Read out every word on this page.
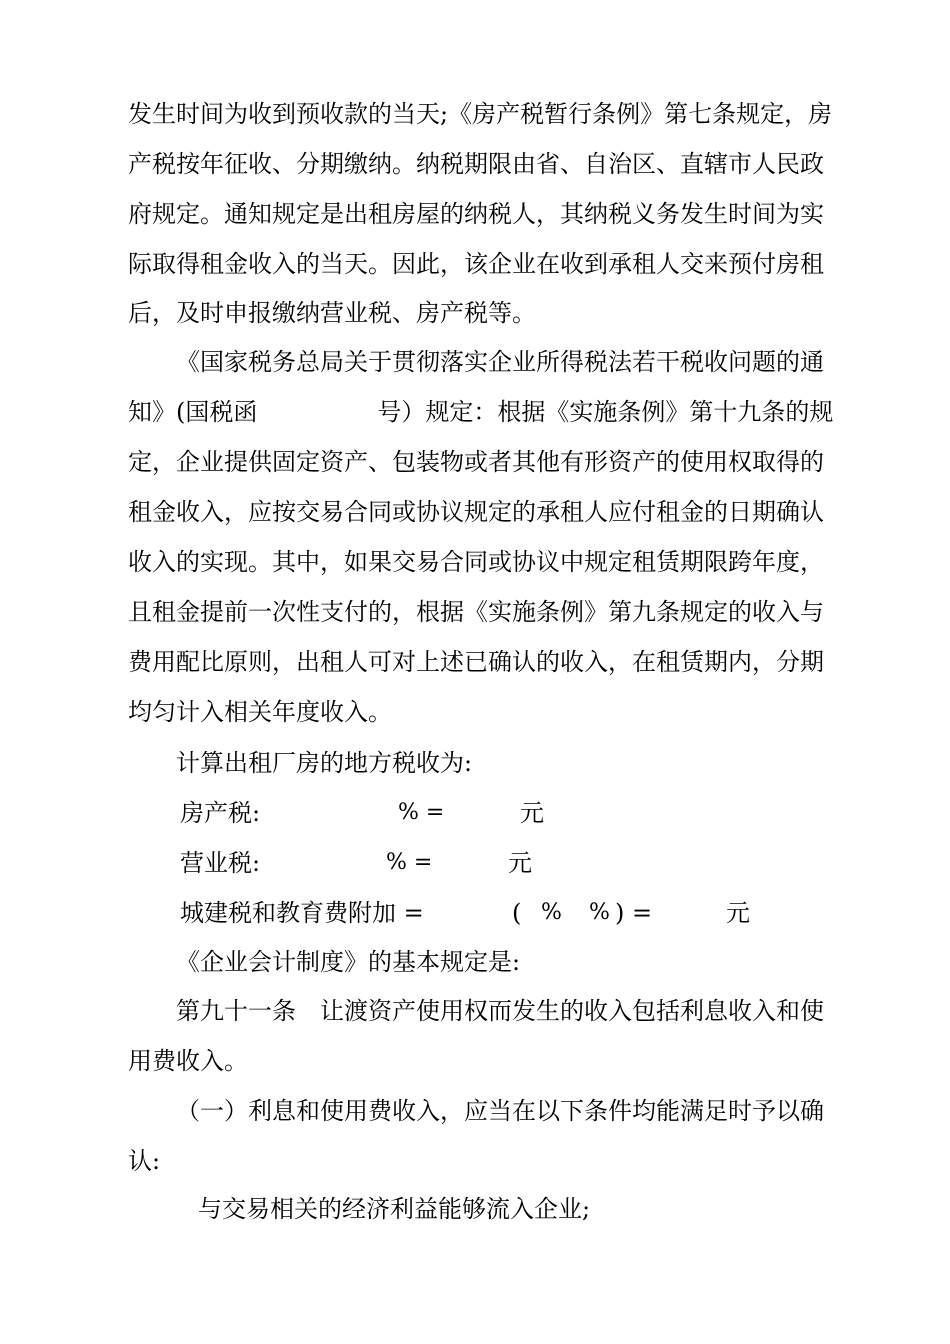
发生时间为收到预收款的当天;《房产税暂行条例》第七条规定，房
产税按年征收、分期缴纳。纳税期限由省、自治区、直辖市人民政
府规定。通知规定是出租房屋的纳税人，其纳税义务发生时间为实
际取得租金收入的当天。因此，该企业在收到承租人交来预付房租
后，及时申报缴纳营业税、房产税等。
《国家税务总局关于贯彻落实企业所得税法若干税收问题的通
知》(国税函　　　　　号）规定：根据《实施条例》第十九条的规
定，企业提供固定资产、包装物或者其他有形资产的使用权取得的
租金收入，应按交易合同或协议规定的承租人应付租金的日期确认
收入的实现。其中，如果交易合同或协议中规定租赁期限跨年度，
且租金提前一次性支付的，根据《实施条例》第九条规定的收入与
费用配比原则，出租人可对上述已确认的收入，在租赁期内，分期
均匀计入相关年度收入。
计算出租厂房的地方税收为:
房产税:	% =	元
营业税:	% =	元
城建税和教育费附加 =	( % % ) =	元
《企业会计制度》的基本规定是:
第九十一条　让渡资产使用权而发生的收入包括利息收入和使
用费收入。
（一）利息和使用费收入，应当在以下条件均能满足时予以确
认:
与交易相关的经济利益能够流入企业;
